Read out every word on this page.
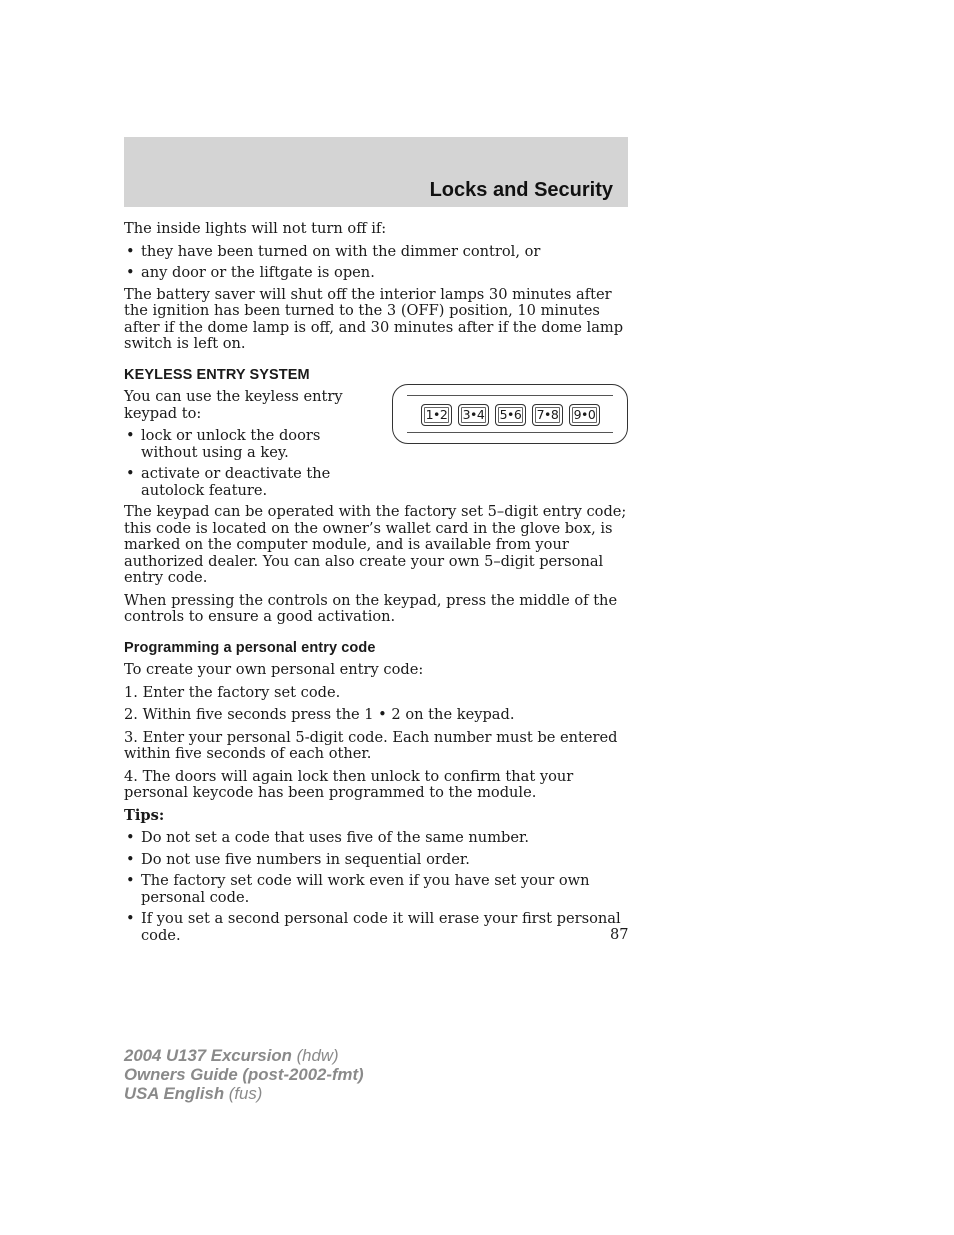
Locks and Security

The inside lights will not turn off if:

• they have been turned on with the dimmer control, or
• any door or the liftgate is open.

The battery saver will shut off the interior lamps 30 minutes after the ignition has been turned to the 3 (OFF) position, 10 minutes after if the dome lamp is off, and 30 minutes after if the dome lamp switch is left on.

KEYLESS ENTRY SYSTEM

You can use the keyless entry keypad to:

• lock or unlock the doors without using a key.
• activate or deactivate the autolock feature.
1•2	3•4	5•6	7•8	9•0

The keypad can be operated with the factory set 5–digit entry code; this code is located on the owner’s wallet card in the glove box, is marked on the computer module, and is available from your authorized dealer. You can also create your own 5–digit personal entry code.

When pressing the controls on the keypad, press the middle of the controls to ensure a good activation.

Programming a personal entry code

To create your own personal entry code:

1. Enter the factory set code.

2. Within five seconds press the 1 • 2 on the keypad.

3. Enter your personal 5-digit code. Each number must be entered within five seconds of each other.

4. The doors will again lock then unlock to confirm that your personal keycode has been programmed to the module.

Tips:
• Do not set a code that uses five of the same number.
• Do not use five numbers in sequential order.
• The factory set code will work even if you have set your own personal code.
• If you set a second personal code it will erase your first personal code.	87
2004 U137 Excursion (hdw)
Owners Guide (post-2002-fmt)
USA English (fus)
